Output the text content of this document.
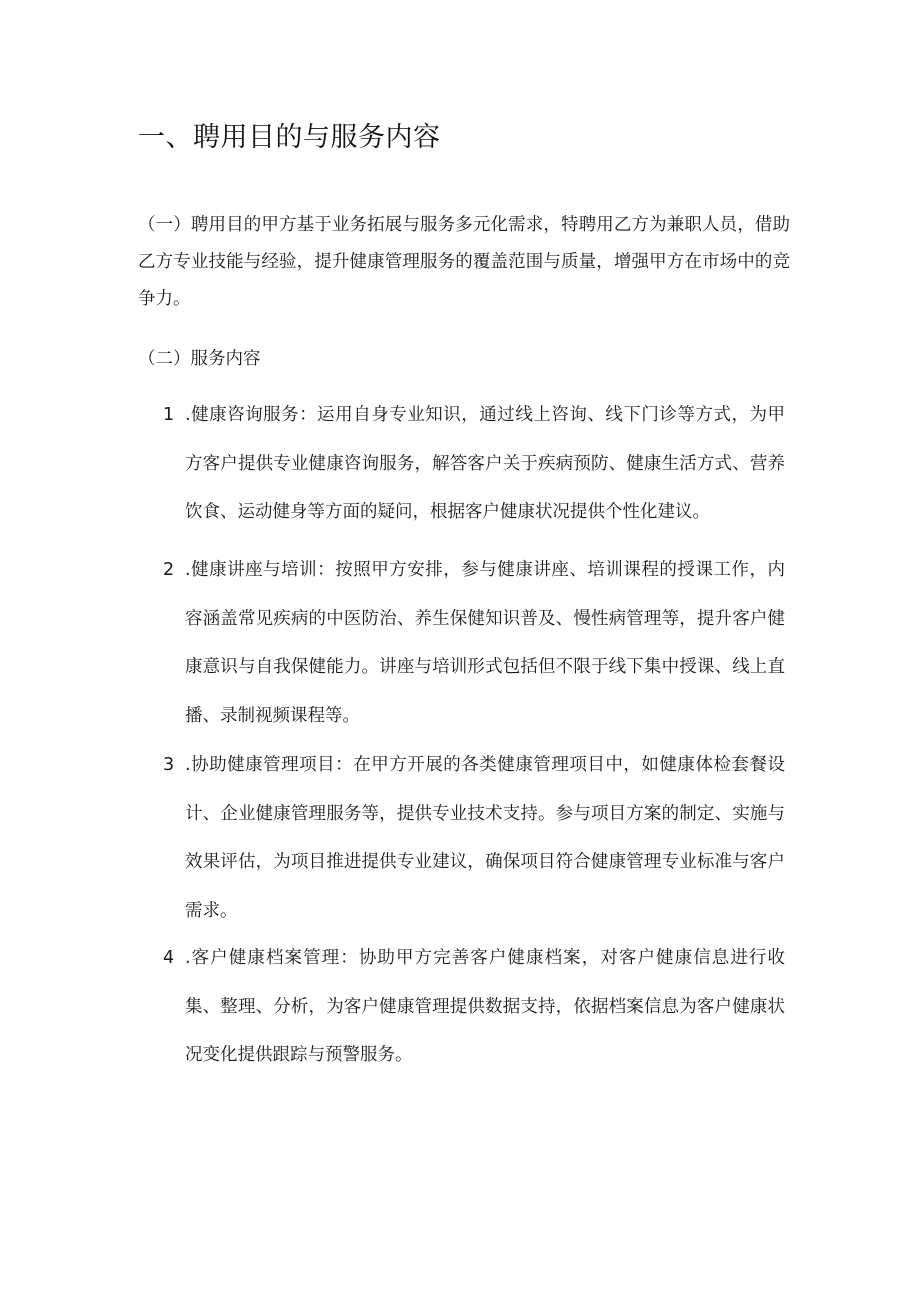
一、聘用目的与服务内容

（一）聘用目的甲方基于业务拓展与服务多元化需求，特聘用乙方为兼职人员，借助乙方专业技能与经验，提升健康管理服务的覆盖范围与质量，增强甲方在市场中的竞争力。

（二）服务内容

1 .健康咨询服务：运用自身专业知识，通过线上咨询、线下门诊等方式，为甲方客户提供专业健康咨询服务，解答客户关于疾病预防、健康生活方式、营养饮食、运动健身等方面的疑问，根据客户健康状况提供个性化建议。

2 .健康讲座与培训：按照甲方安排，参与健康讲座、培训课程的授课工作，内容涵盖常见疾病的中医防治、养生保健知识普及、慢性病管理等，提升客户健康意识与自我保健能力。讲座与培训形式包括但不限于线下集中授课、线上直播、录制视频课程等。

3 .协助健康管理项目：在甲方开展的各类健康管理项目中，如健康体检套餐设计、企业健康管理服务等，提供专业技术支持。参与项目方案的制定、实施与效果评估，为项目推进提供专业建议，确保项目符合健康管理专业标准与客户需求。

4 .客户健康档案管理：协助甲方完善客户健康档案，对客户健康信息进行收集、整理、分析，为客户健康管理提供数据支持，依据档案信息为客户健康状况变化提供跟踪与预警服务。
